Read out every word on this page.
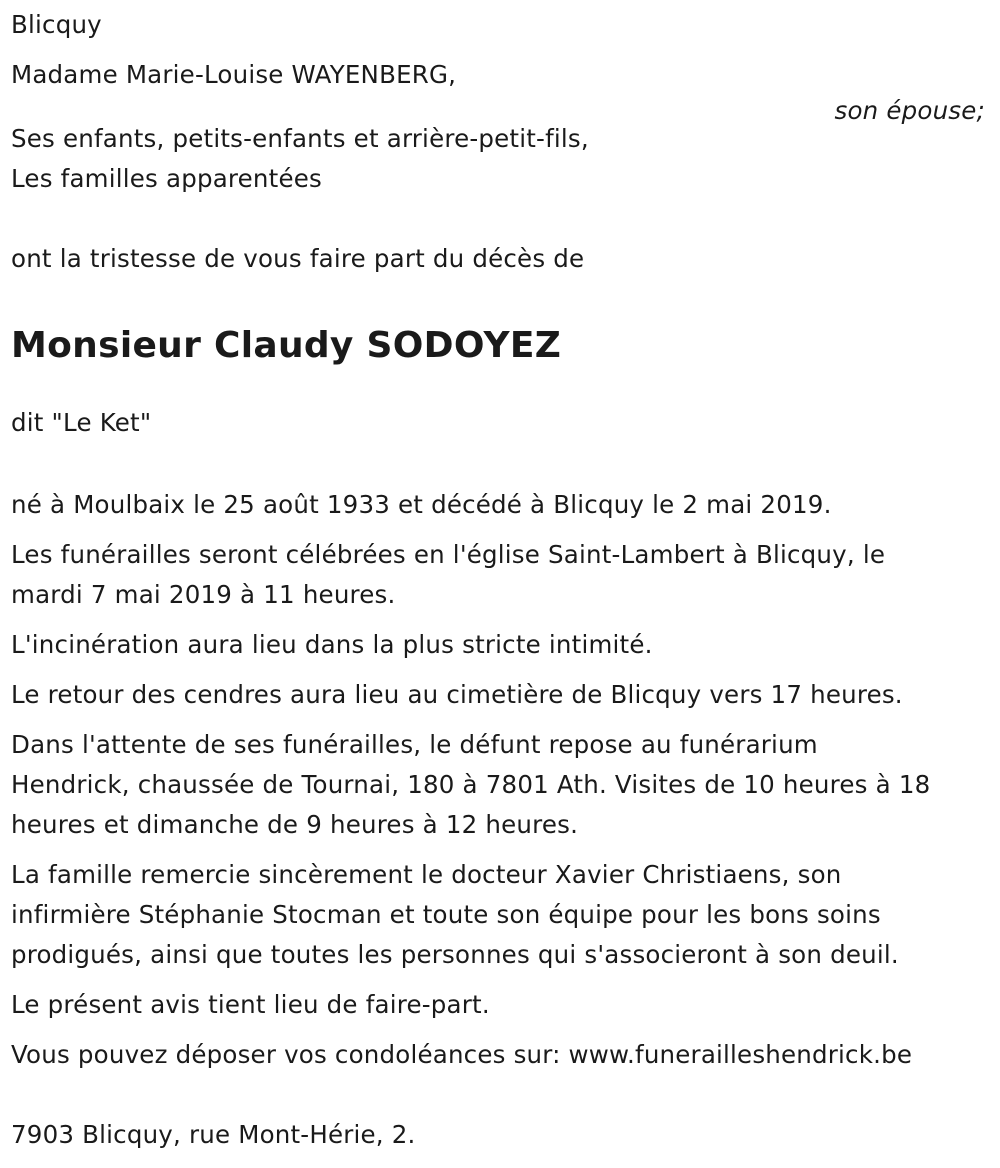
Blicquy
Madame Marie-Louise WAYENBERG,
son épouse;
Ses enfants, petits-enfants et arrière-petit-fils,
Les familles apparentées
ont la tristesse de vous faire part du décès de
Monsieur Claudy SODOYEZ
dit "Le Ket"
né à Moulbaix le 25 août 1933 et décédé à Blicquy le 2 mai 2019.
Les funérailles seront célébrées en l'église Saint-Lambert à Blicquy, le
mardi 7 mai 2019 à 11 heures.
L'incinération aura lieu dans la plus stricte intimité.
Le retour des cendres aura lieu au cimetière de Blicquy vers 17 heures.
Dans l'attente de ses funérailles, le défunt repose au funérarium
Hendrick, chaussée de Tournai, 180 à 7801 Ath. Visites de 10 heures à 18
heures et dimanche de 9 heures à 12 heures.
La famille remercie sincèrement le docteur Xavier Christiaens, son
infirmière Stéphanie Stocman et toute son équipe pour les bons soins
prodigués, ainsi que toutes les personnes qui s'associeront à son deuil.
Le présent avis tient lieu de faire-part.
Vous pouvez déposer vos condoléances sur: www.funerailleshendrick.be
7903 Blicquy, rue Mont-Hérie, 2.
